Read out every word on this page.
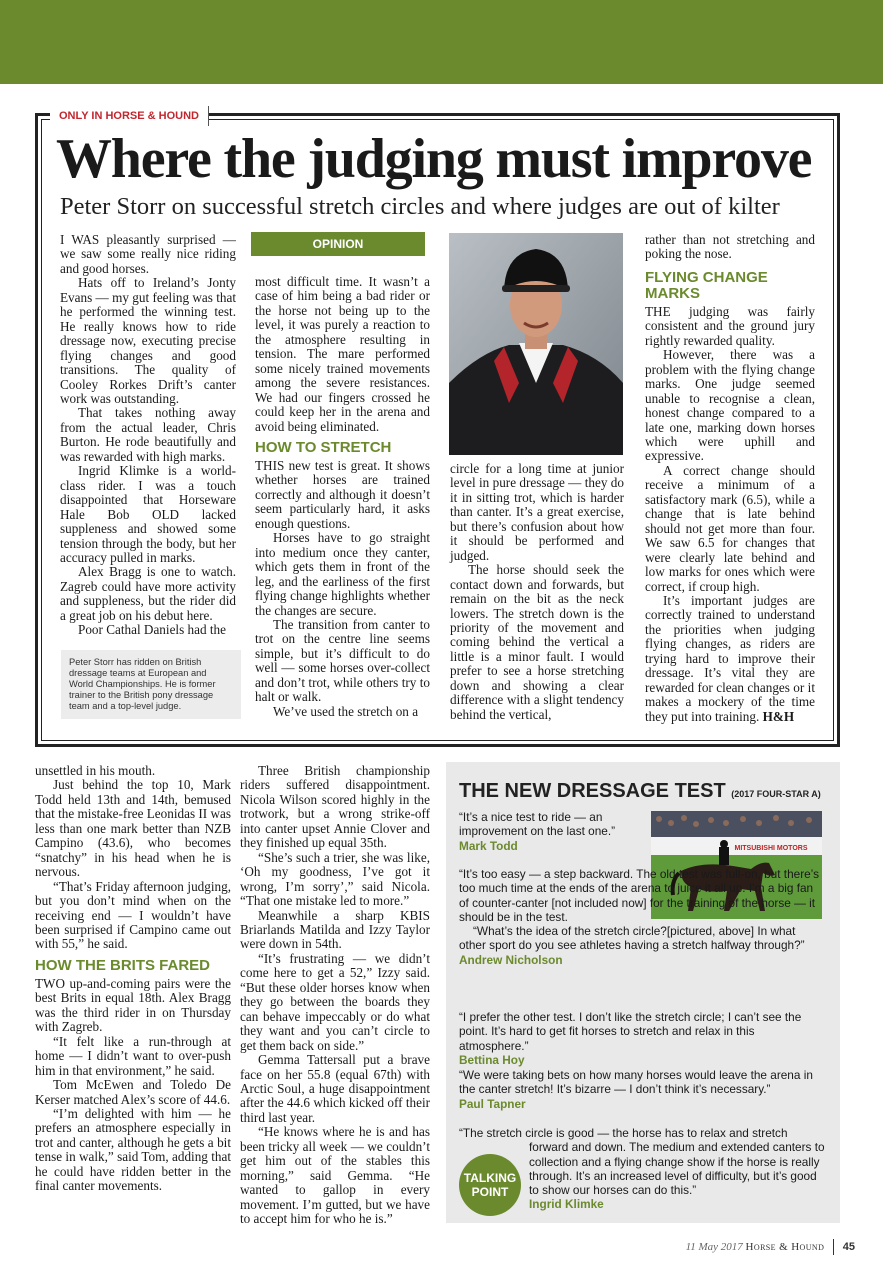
ONLY IN HORSE & HOUND
Where the judging must improve
Peter Storr on successful stretch circles and where judges are out of kilter

I WAS pleasantly surprised — we saw some really nice riding and good horses.

Hats off to Ireland’s Jonty Evans — my gut feeling was that he performed the winning test. He really knows how to ride dressage now, executing precise flying changes and good transitions. The quality of Cooley Rorkes Drift’s canter work was outstanding.

That takes nothing away from the actual leader, Chris Burton. He rode beautifully and was rewarded with high marks.

Ingrid Klimke is a world-class rider. I was a touch disappointed that Horseware Hale Bob OLD lacked suppleness and showed some tension through the body, but her accuracy pulled in marks.

Alex Bragg is one to watch. Zagreb could have more activity and suppleness, but the rider did a great job on his debut here.

Poor Cathal Daniels had the

Peter Storr has ridden on British dressage teams at European and World Championships. He is former trainer to the British pony dressage team and a top-level judge.
OPINION

most difficult time. It wasn’t a case of him being a bad rider or the horse not being up to the level, it was purely a reaction to the atmosphere resulting in tension. The mare performed some nicely trained movements among the severe resistances. We had our fingers crossed he could keep her in the arena and avoid being eliminated.

HOW TO STRETCH

THIS new test is great. It shows whether horses are trained correctly and although it doesn’t seem particularly hard, it asks enough questions.

Horses have to go straight into medium once they canter, which gets them in front of the leg, and the earliness of the first flying change highlights whether the changes are secure.

The transition from canter to trot on the centre line seems simple, but it’s difficult to do well — some horses over-collect and don’t trot, while others try to halt or walk.

We’ve used the stretch on a

circle for a long time at junior level in pure dressage — they do it in sitting trot, which is harder than canter. It’s a great exercise, but there’s confusion about how it should be performed and judged.

The horse should seek the contact down and forwards, but remain on the bit as the neck lowers. The stretch down is the priority of the movement and coming behind the vertical a little is a minor fault. I would prefer to see a horse stretching down and showing a clear difference with a slight tendency behind the vertical,

rather than not stretching and poking the nose.

FLYING CHANGE MARKS

THE judging was fairly consistent and the ground jury rightly rewarded quality.

However, there was a problem with the flying change marks. One judge seemed unable to recognise a clean, honest change compared to a late one, marking down horses which were uphill and expressive.

A correct change should receive a minimum of a satisfactory mark (6.5), while a change that is late behind should not get more than four. We saw 6.5 for changes that were clearly late behind and low marks for ones which were correct, if croup high.

It’s important judges are correctly trained to understand the priorities when judging flying changes, as riders are trying hard to improve their dressage. It’s vital they are rewarded for clean changes or it makes a mockery of the time they put into training. H&H

unsettled in his mouth.

Just behind the top 10, Mark Todd held 13th and 14th, bemused that the mistake-free Leonidas II was less than one mark better than NZB Campino (43.6), who becomes “snatchy” in his head when he is nervous.

“That’s Friday afternoon judging, but you don’t mind when on the receiving end — I wouldn’t have been surprised if Campino came out with 55,” he said.

HOW THE BRITS FARED

TWO up-and-coming pairs were the best Brits in equal 18th. Alex Bragg was the third rider in on Thursday with Zagreb.

“It felt like a run-through at home — I didn’t want to over-push him in that environment,” he said.

Tom McEwen and Toledo De Kerser matched Alex’s score of 44.6.

“I’m delighted with him — he prefers an atmosphere especially in trot and canter, although he gets a bit tense in walk,” said Tom, adding that he could have ridden better in the final canter movements.

Three British championship riders suffered disappointment. Nicola Wilson scored highly in the trotwork, but a wrong strike-off into canter upset Annie Clover and they finished up equal 35th.

“She’s such a trier, she was like, ‘Oh my goodness, I’ve got it wrong, I’m sorry’,” said Nicola. “That one mistake led to more.”

Meanwhile a sharp KBIS Briarlands Matilda and Izzy Taylor were down in 54th.

“It’s frustrating — we didn’t come here to get a 52,” Izzy said. “But these older horses know when they go between the boards they can behave impeccably or do what they want and you can’t circle to get them back on side.”

Gemma Tattersall put a brave face on her 55.8 (equal 67th) with Arctic Soul, a huge disappointment after the 44.6 which kicked off their third last year.

“He knows where he is and has been tricky all week — we couldn’t get him out of the stables this morning,” said Gemma. “He wanted to gallop in every movement. I’m gutted, but we have to accept him for who he is.”

THE NEW DRESSAGE TEST (2017 FOUR-STAR A)
MITSUBISHI MOTORS

“It’s a nice test to ride — an improvement on the last one.”

Mark Todd

“It’s too easy — a step backward. The old test was full-on, but there’s too much time at the ends of the arena to juice it all up. I’m a big fan of counter-canter [not included now] for the training of the horse — it should be in the test.

“What’s the idea of the stretch circle?[pictured, above] In what other sport do you see athletes having a stretch halfway through?”

Andrew Nicholson

“I prefer the other test. I don’t like the stretch circle; I can’t see the point. It’s hard to get fit horses to stretch and relax in this atmosphere.”

Bettina Hoy

“We were taking bets on how many horses would leave the arena in the canter stretch! It’s bizarre — I don’t think it’s necessary.”

Paul Tapner

“The stretch circle is good — the horse has to relax and stretch

forward and down. The medium and extended canters to collection and a flying change show if the horse is really through. It’s an increased level of difficulty, but it’s good to show our horses can do this.”

Ingrid Klimke

TALKING
POINT
11 May 2017 Horse & Hound 45
